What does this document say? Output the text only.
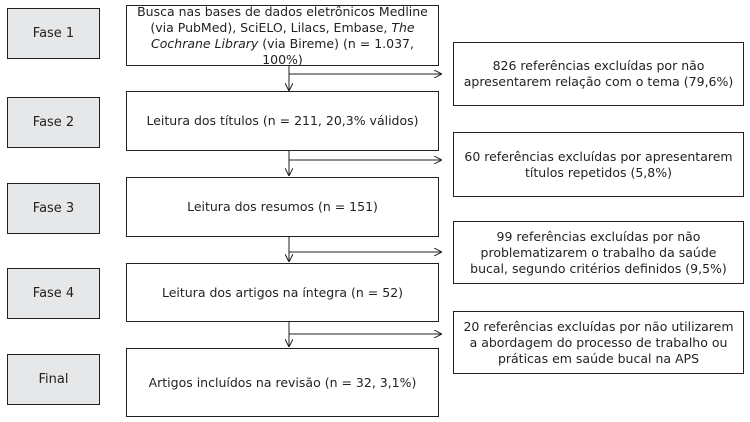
Fase 1
Fase 2
Fase 3
Fase 4
Final
Busca nas bases de dados eletrônicos Medline (via PubMed), SciELO, Lilacs, Embase, The Cochrane Library (via Bireme) (n = 1.037, 100%)
Leitura dos títulos (n = 211, 20,3% válidos)
Leitura dos resumos (n = 151)
Leitura dos artigos na íntegra (n = 52)
Artigos incluídos na revisão (n = 32, 3,1%)
826 referências excluídas por não apresentarem relação com o tema (79,6%)
60 referências excluídas por apresentarem títulos repetidos (5,8%)
99 referências excluídas por não problematizarem o trabalho da saúde bucal, segundo critérios definidos (9,5%)
20 referências excluídas por não utilizarem a abordagem do processo de trabalho ou práticas em saúde bucal na APS
